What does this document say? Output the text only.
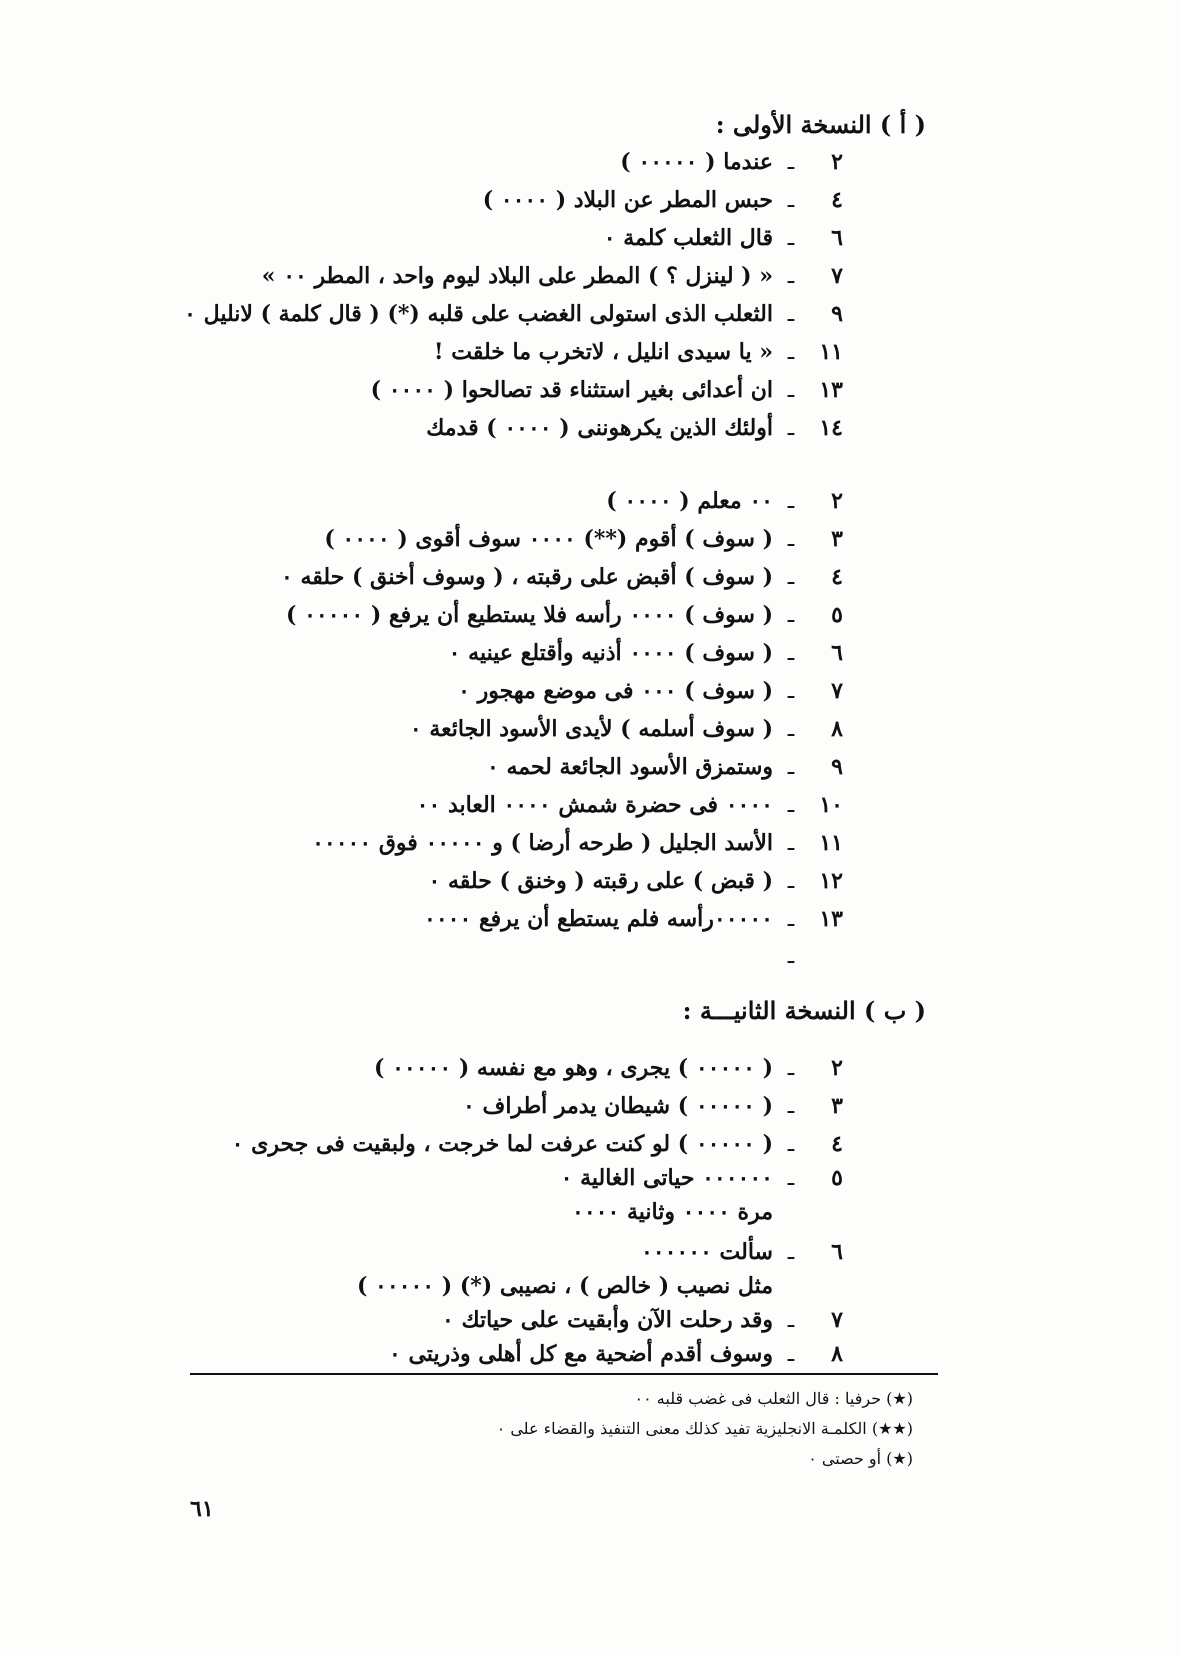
( أ ) النسخة الأولى :
٢
ـ
عندما ( ٠٠٠٠٠ )
٤
ـ
حبس المطر عن البلاد ( ٠٠٠٠ )
٦
ـ
قال الثعلب كلمة ٠
٧
ـ
« ( لينزل ؟ ) المطر على البلاد ليوم واحد ، المطر ٠٠ »
٩
ـ
الثعلب الذى استولى الغضب على قلبه (*) ( قال كلمة ) لانليل ٠
١١
ـ
« يا سيدى انليل ، لاتخرب ما خلقت !
١٣
ـ
ان أعدائى بغير استثناء قد تصالحوا ( ٠٠٠٠ )
١٤
ـ
أولئك الذين يكرهوننى ( ٠٠٠٠ ) قدمك
٢
ـ
٠٠ معلم ( ٠٠٠٠ )
٣
ـ
( سوف ) أقوم (**) ٠٠٠٠ سوف أقوى ( ٠٠٠٠ )
٤
ـ
( سوف ) أقبض على رقبته ، ( وسوف أخنق ) حلقه ٠
٥
ـ
( سوف ) ٠٠٠٠ رأسه فلا يستطيع أن يرفع ( ٠٠٠٠٠ )
٦
ـ
( سوف ) ٠٠٠٠ أذنيه وأقتلع عينيه ٠
٧
ـ
( سوف ) ٠٠٠ فى موضع مهجور ٠
٨
ـ
( سوف أسلمه ) لأيدى الأسود الجائعة ٠
٩
ـ
وستمزق الأسود الجائعة لحمه ٠
١٠
ـ
٠٠٠٠ فى حضرة شمش ٠٠٠٠ العابد ٠٠
١١
ـ
الأسد الجليل ( طرحه أرضا ) و ٠٠٠٠٠ فوق ٠٠٠٠٠
١٢
ـ
( قبض ) على رقبته ( وخنق ) حلقه ٠
١٣
ـ
٠٠٠٠٠رأسه فلم يستطع أن يرفع ٠٠٠٠
ـ
( ب ) النسخة الثانيـــة :
٢
ـ
( ٠٠٠٠٠ ) يجرى ، وهو مع نفسه ( ٠٠٠٠٠ )
٣
ـ
( ٠٠٠٠٠ ) شيطان يدمر أطراف ٠
٤
ـ
( ٠٠٠٠٠ ) لو كنت عرفت لما خرجت ، ولبقيت فى جحرى ٠
٥
ـ
٠٠٠٠٠٠ حياتى الغالية ٠
مرة ٠٠٠٠ وثانية ٠٠٠٠
٦
ـ
سألت ٠٠٠٠٠٠
مثل نصيب ( خالص ) ، نصيبى (*) ( ٠٠٠٠٠ )
٧
ـ
وقد رحلت الآن وأبقيت على حياتك ٠
٨
ـ
وسوف أقدم أضحية مع كل أهلى وذريتى ٠
(★) حرفيا : قال الثعلب فى غضب قلبه ٠٠
(★★) الكلمـة الانجليزية تفيد كذلك معنى التنفيذ والقضاء على ٠
(★) أو حصتى ٠
٦١
